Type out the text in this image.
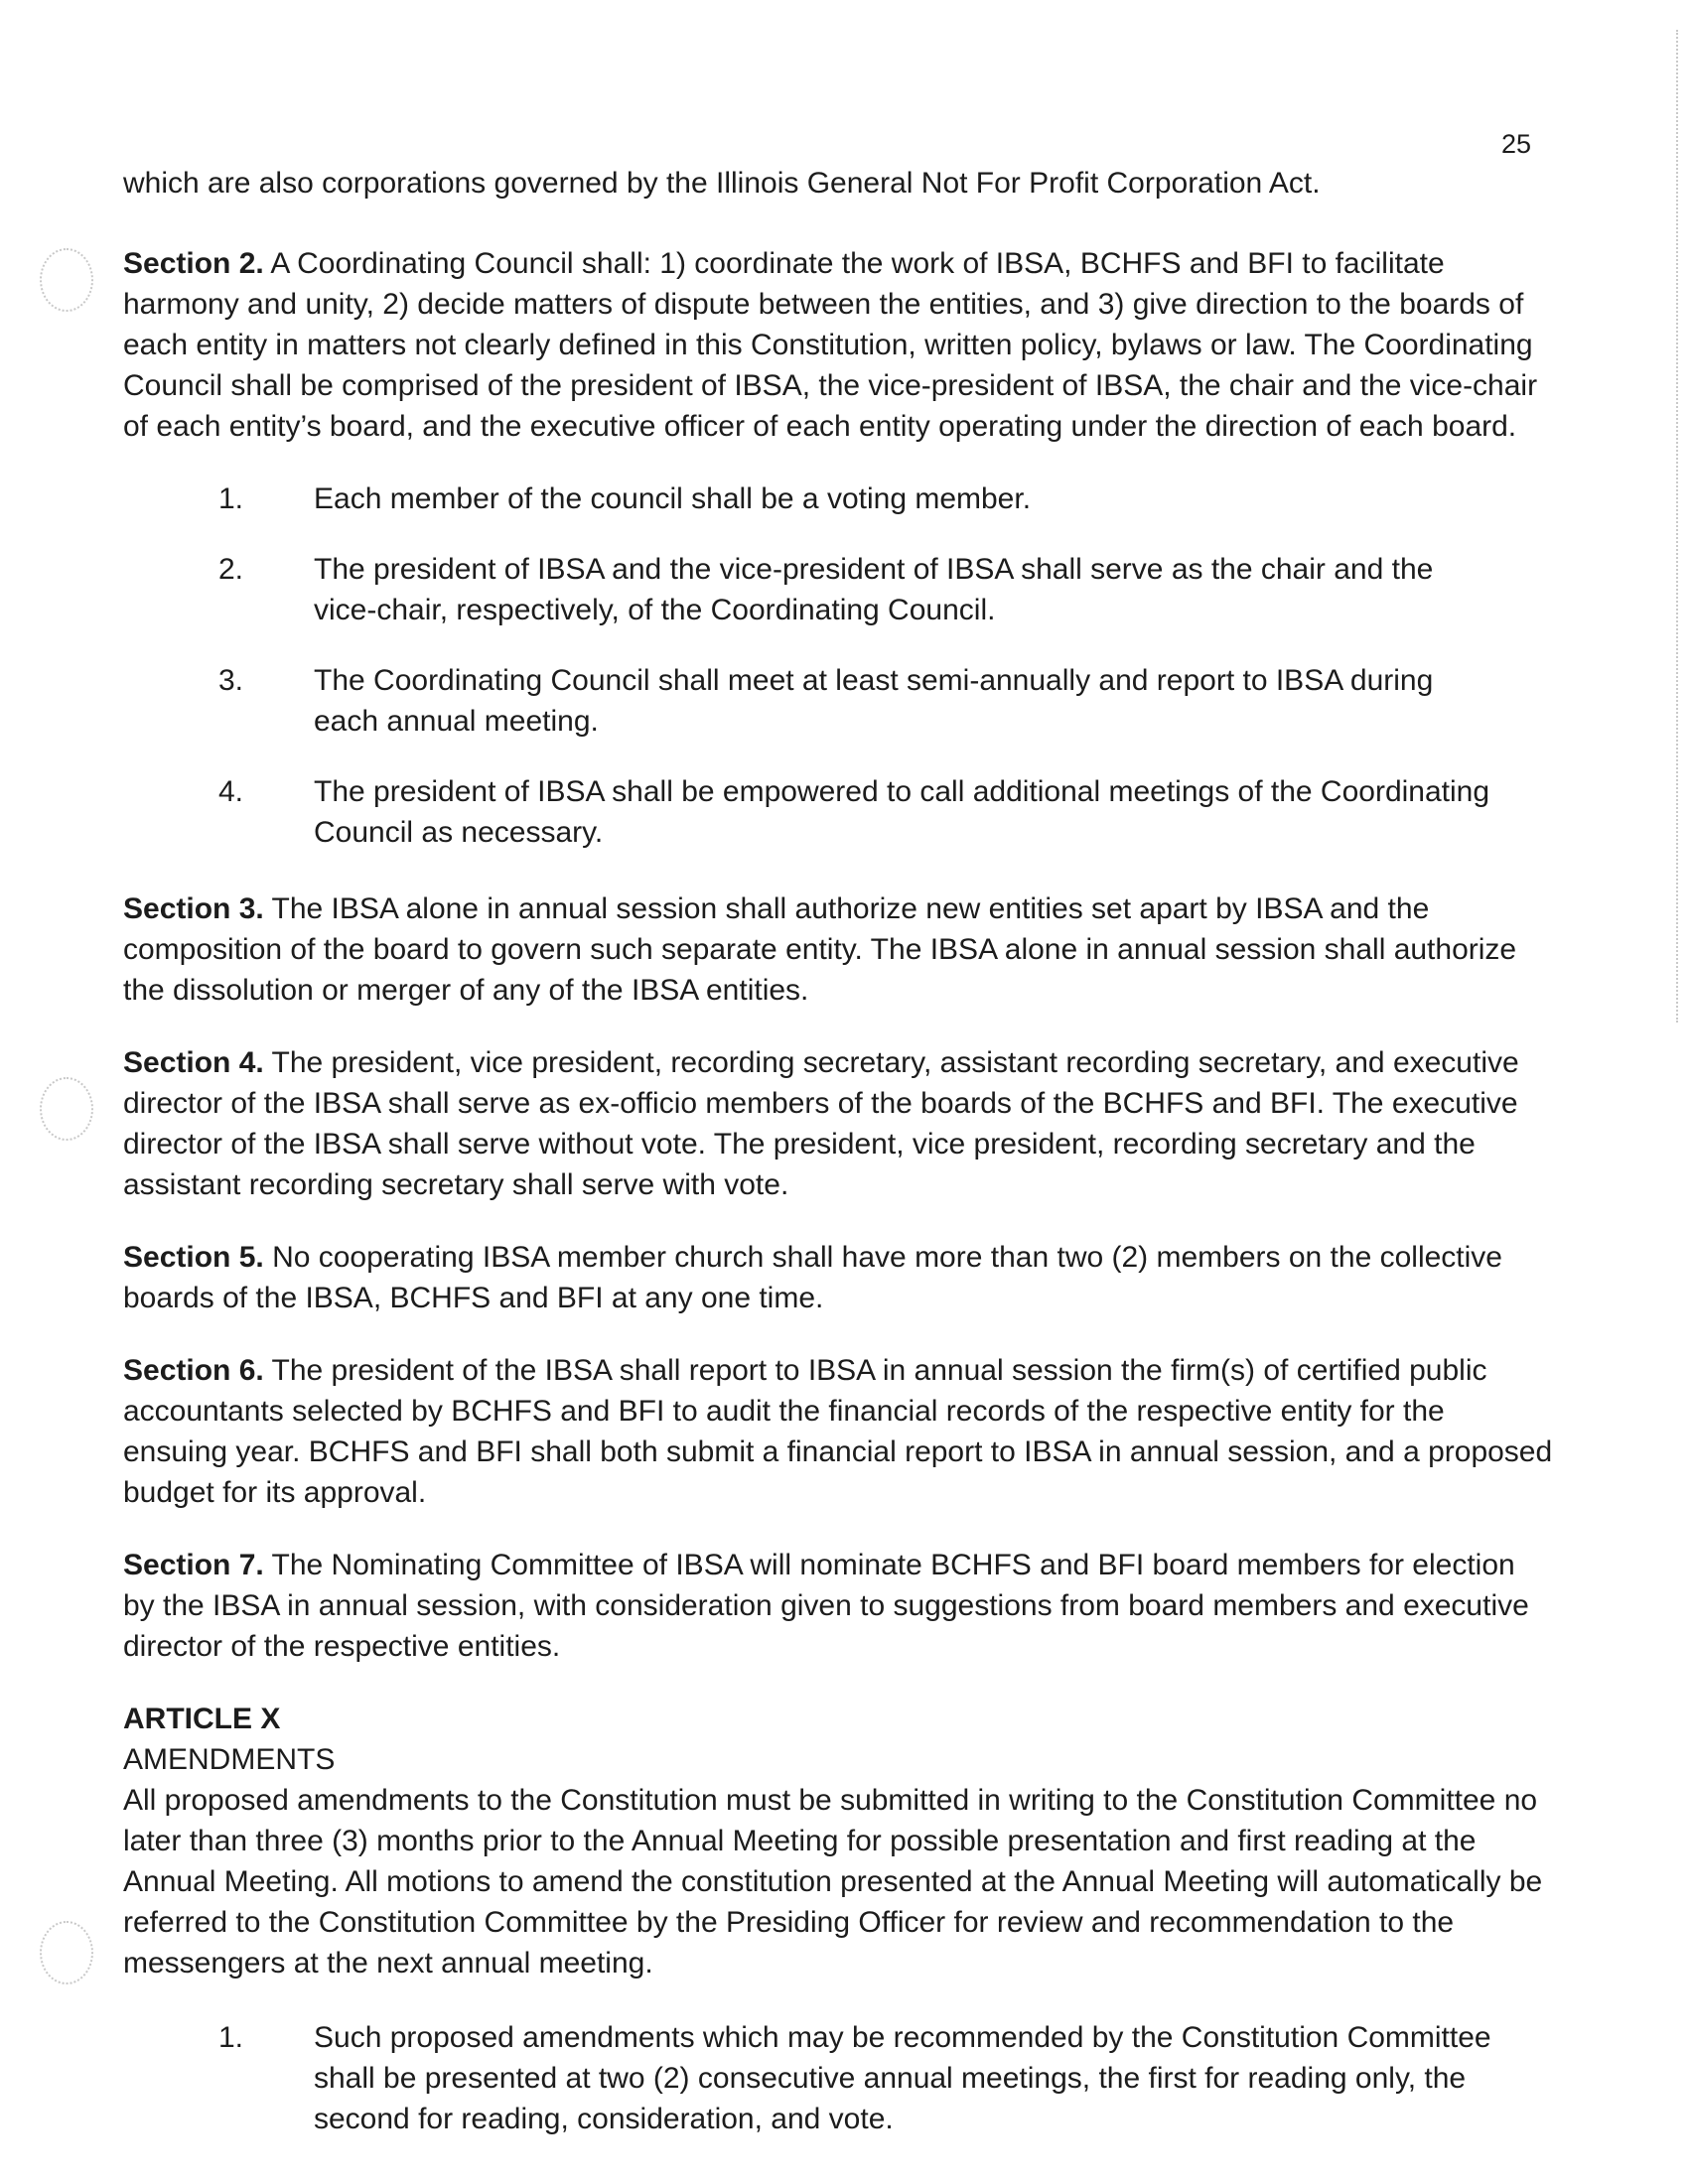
25

which are also corporations governed by the Illinois General Not For Profit Corporation Act.

Section 2. A Coordinating Council shall: 1) coordinate the work of IBSA, BCHFS and BFI to facilitate harmony and unity, 2) decide matters of dispute between the entities, and 3) give direction to the boards of each entity in matters not clearly defined in this Constitution, written policy, bylaws or law. The Coordinating Council shall be comprised of the president of IBSA, the vice-president of IBSA, the chair and the vice-chair of each entity’s board, and the executive officer of each entity operating under the direction of each board.

1.	Each member of the council shall be a voting member.
2.	The president of IBSA and the vice-president of IBSA shall serve as the chair and the vice-chair, respectively, of the Coordinating Council.
3.	The Coordinating Council shall meet at least semi-annually and report to IBSA during each annual meeting.
4.	The president of IBSA shall be empowered to call additional meetings of the Coordinating Council as necessary.

Section 3. The IBSA alone in annual session shall authorize new entities set apart by IBSA and the composition of the board to govern such separate entity. The IBSA alone in annual session shall authorize the dissolution or merger of any of the IBSA entities.

Section 4. The president, vice president, recording secretary, assistant recording secretary, and executive director of the IBSA shall serve as ex-officio members of the boards of the BCHFS and BFI. The executive director of the IBSA shall serve without vote. The president, vice president, recording secretary and the assistant recording secretary shall serve with vote.

Section 5. No cooperating IBSA member church shall have more than two (2) members on the collective boards of the IBSA, BCHFS and BFI at any one time.

Section 6. The president of the IBSA shall report to IBSA in annual session the firm(s) of certified public accountants selected by BCHFS and BFI to audit the financial records of the respective entity for the ensuing year. BCHFS and BFI shall both submit a financial report to IBSA in annual session, and a proposed budget for its approval.

Section 7. The Nominating Committee of IBSA will nominate BCHFS and BFI board members for election by the IBSA in annual session, with consideration given to suggestions from board members and executive director of the respective entities.

ARTICLE X

AMENDMENTS

All proposed amendments to the Constitution must be submitted in writing to the Constitution Committee no later than three (3) months prior to the Annual Meeting for possible presentation and first reading at the Annual Meeting. All motions to amend the constitution presented at the Annual Meeting will automatically be referred to the Constitution Committee by the Presiding Officer for review and recommendation to the messengers at the next annual meeting.

1.	Such proposed amendments which may be recommended by the Constitution Committee shall be presented at two (2) consecutive annual meetings, the first for reading only, the second for reading, consideration, and vote.
